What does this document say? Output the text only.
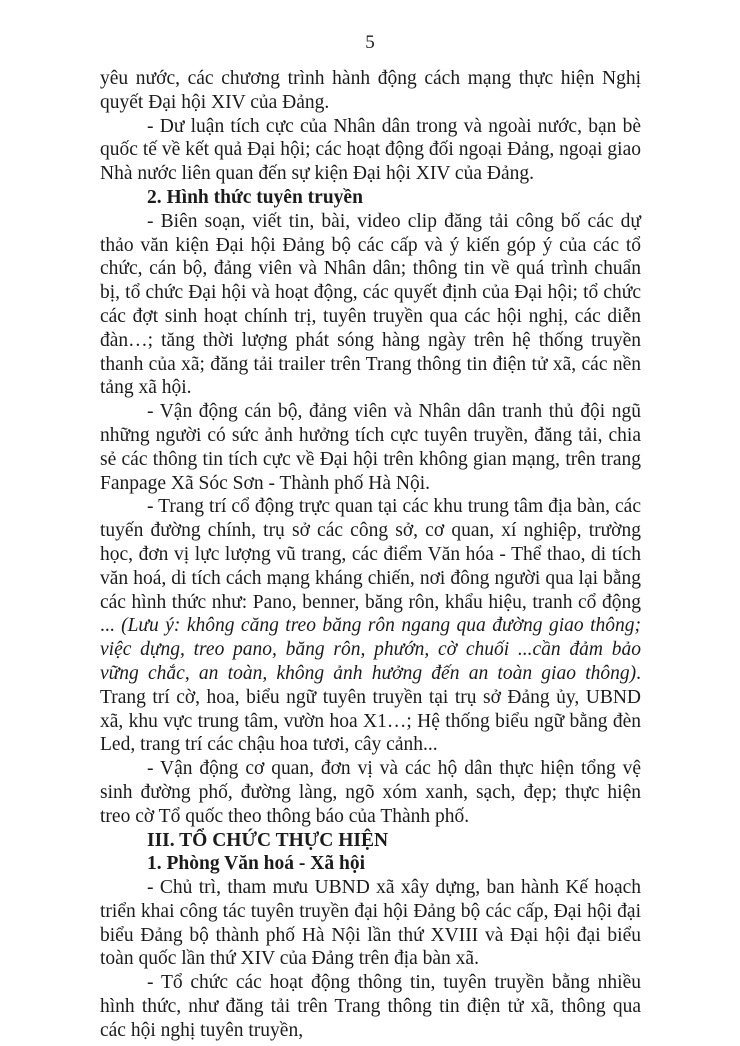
5

yêu nước, các chương trình hành động cách mạng thực hiện Nghị quyết Đại hội XIV của Đảng.

- Dư luận tích cực của Nhân dân trong và ngoài nước, bạn bè quốc tế về kết quả Đại hội; các hoạt động đối ngoại Đảng, ngoại giao Nhà nước liên quan đến sự kiện Đại hội XIV của Đảng.

2. Hình thức tuyên truyền

- Biên soạn, viết tin, bài, video clip đăng tải công bố các dự thảo văn kiện Đại hội Đảng bộ các cấp và ý kiến góp ý của các tổ chức, cán bộ, đảng viên và Nhân dân; thông tin về quá trình chuẩn bị, tổ chức Đại hội và hoạt động, các quyết định của Đại hội; tổ chức các đợt sinh hoạt chính trị, tuyên truyền qua các hội nghị, các diễn đàn…; tăng thời lượng phát sóng hàng ngày trên hệ thống truyền thanh của xã; đăng tải trailer trên Trang thông tin điện tử xã, các nền tảng xã hội.

- Vận động cán bộ, đảng viên và Nhân dân tranh thủ đội ngũ những người có sức ảnh hưởng tích cực tuyên truyền, đăng tải, chia sẻ các thông tin tích cực về Đại hội trên không gian mạng, trên trang Fanpage Xã Sóc Sơn - Thành phố Hà Nội.

- Trang trí cổ động trực quan tại các khu trung tâm địa bàn, các tuyến đường chính, trụ sở các công sở, cơ quan, xí nghiệp, trường học, đơn vị lực lượng vũ trang, các điểm Văn hóa - Thể thao, di tích văn hoá, di tích cách mạng kháng chiến, nơi đông người qua lại bằng các hình thức như: Pano, benner, băng rôn, khẩu hiệu, tranh cổ động ... (Lưu ý: không căng treo băng rôn ngang qua đường giao thông; việc dựng, treo pano, băng rôn, phướn, cờ chuối ...cần đảm bảo vững chắc, an toàn, không ảnh hưởng đến an toàn giao thông). Trang trí cờ, hoa, biểu ngữ tuyên truyền tại trụ sở Đảng ủy, UBND xã, khu vực trung tâm, vườn hoa X1…; Hệ thống biểu ngữ bằng đèn Led, trang trí các chậu hoa tươi, cây cảnh...

- Vận động cơ quan, đơn vị và các hộ dân thực hiện tổng vệ sinh đường phố, đường làng, ngõ xóm xanh, sạch, đẹp; thực hiện treo cờ Tổ quốc theo thông báo của Thành phố.

III. TỔ CHỨC THỰC HIỆN

1. Phòng Văn hoá - Xã hội

- Chủ trì, tham mưu UBND xã xây dựng, ban hành Kế hoạch triển khai công tác tuyên truyền đại hội Đảng bộ các cấp, Đại hội đại biểu Đảng bộ thành phố Hà Nội lần thứ XVIII và Đại hội đại biểu toàn quốc lần thứ XIV của Đảng trên địa bàn xã.

- Tổ chức các hoạt động thông tin, tuyên truyền bằng nhiều hình thức, như đăng tải trên Trang thông tin điện tử xã, thông qua các hội nghị tuyên truyền,
